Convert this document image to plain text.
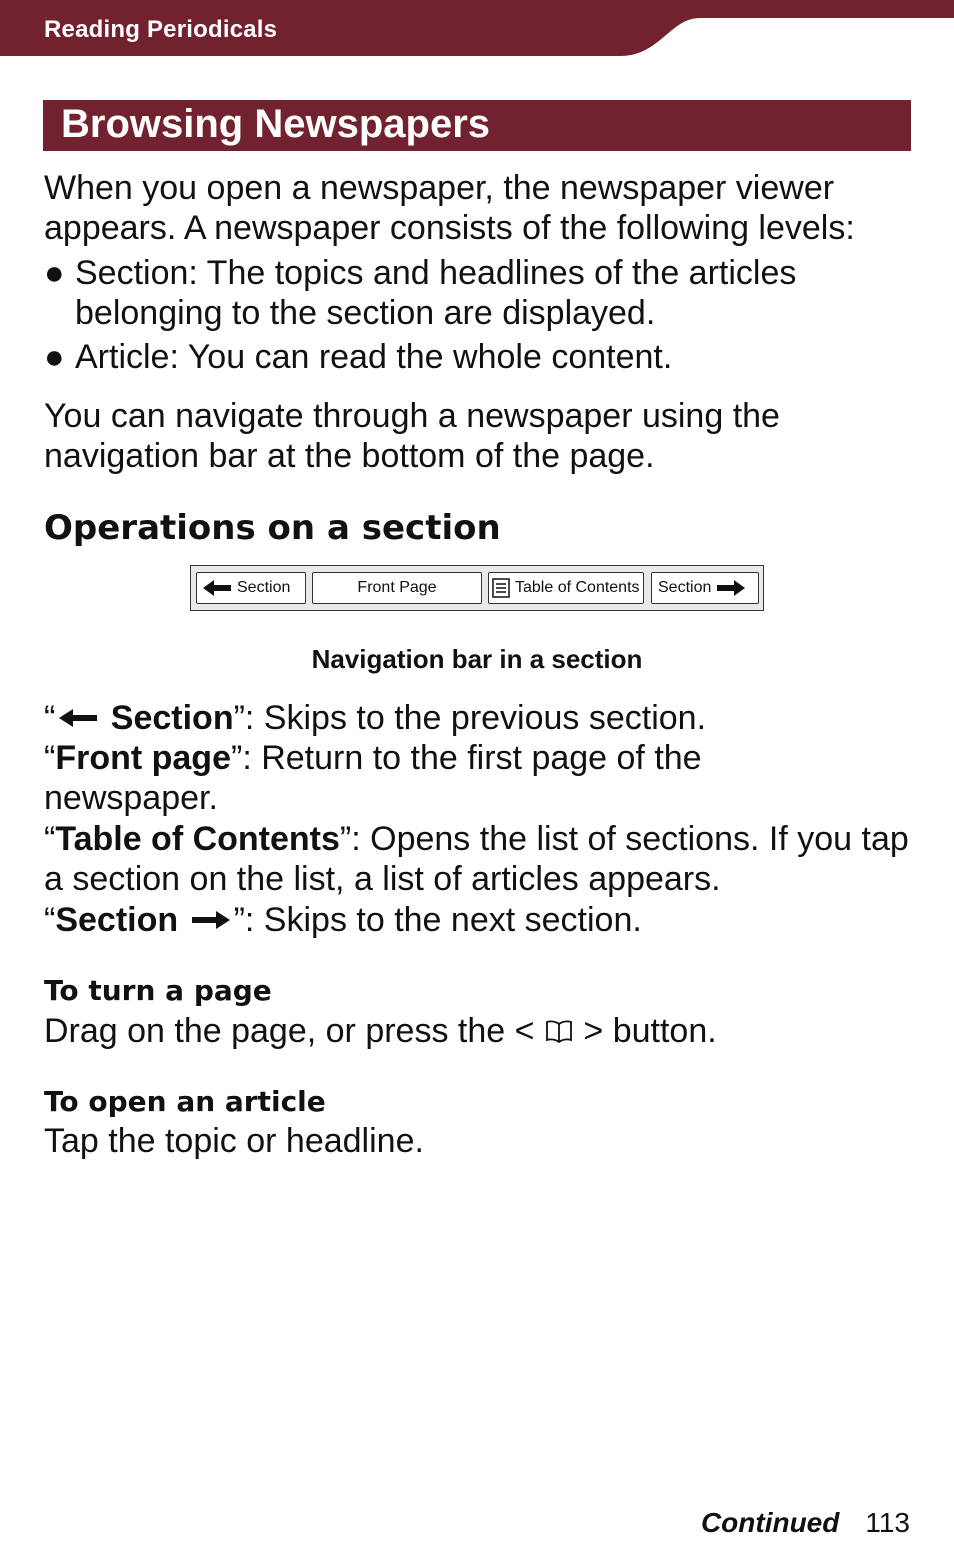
Reading Periodicals
Browsing Newspapers

When you open a newspaper, the newspaper viewer appears. A newspaper consists of the following levels:

● Section: The topics and headlines of the articles belonging to the section are displayed.
● Article: You can read the whole content.

You can navigate through a newspaper using the navigation bar at the bottom of the page.

Operations on a section
Section	Front Page	Table of Contents Section
Navigation bar in a section
“ Section”: Skips to the previous section.
“Front page”: Return to the first page of the newspaper.
“Table of Contents”: Opens the list of sections. If you tap a section on the list, a list of articles appears.
“Section ”: Skips to the next section.
To turn a page
Drag on the page, or press the < > button.
To open an article
Tap the topic or headline.
Continued 113
